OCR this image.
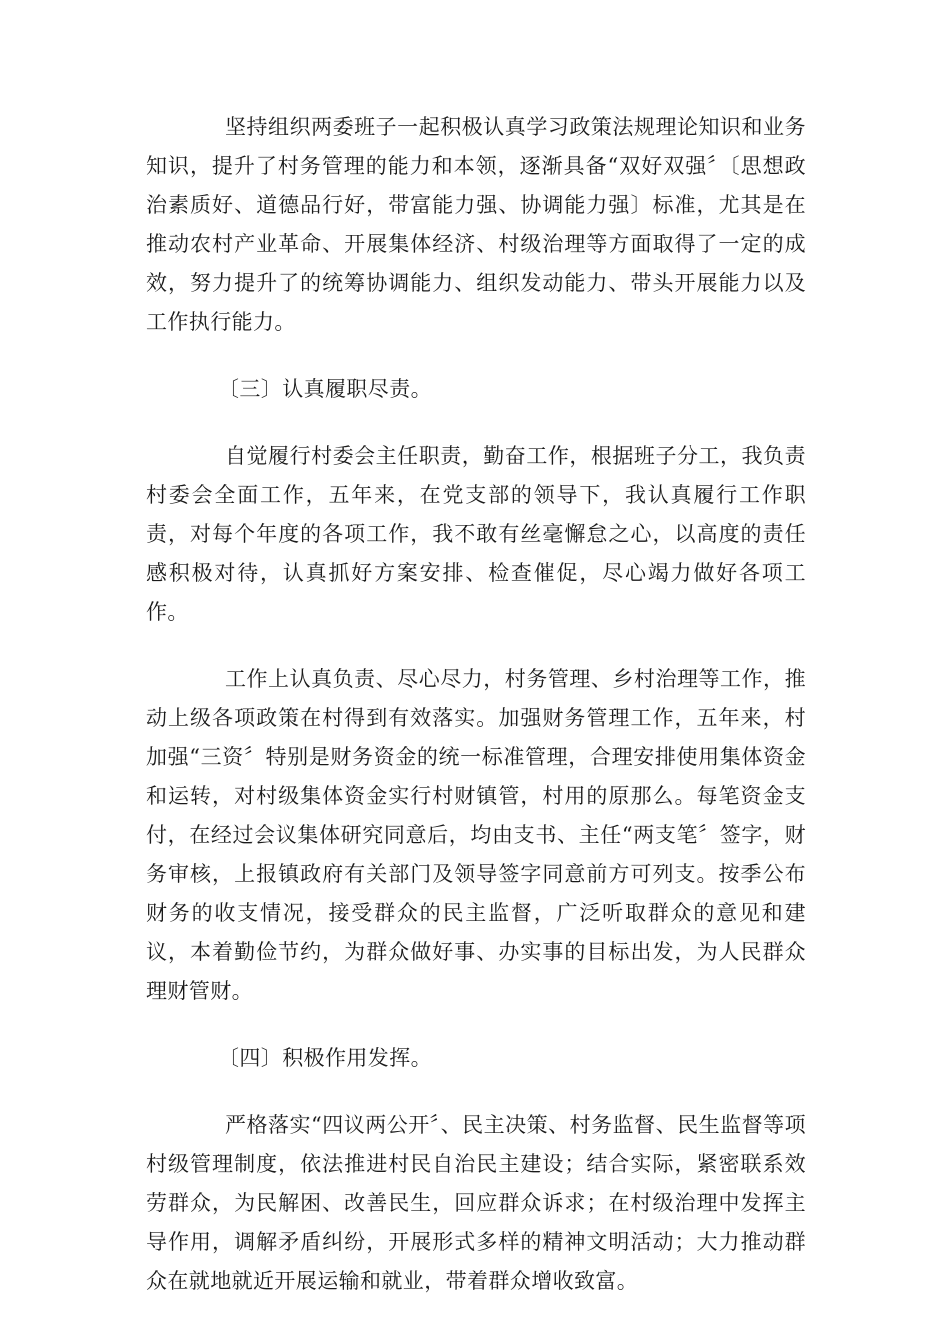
坚持组织两委班子一起积极认真学习政策法规理论知识和业务知识，提升了村务管理的能力和本领，逐渐具备“双好双强〞〔思想政治素质好、道德品行好，带富能力强、协调能力强〕标准，尤其是在推动农村产业革命、开展集体经济、村级治理等方面取得了一定的成效，努力提升了的统筹协调能力、组织发动能力、带头开展能力以及工作执行能力。

〔三〕认真履职尽责。

自觉履行村委会主任职责，勤奋工作，根据班子分工，我负责村委会全面工作，五年来，在党支部的领导下，我认真履行工作职责，对每个年度的各项工作，我不敢有丝毫懈怠之心，以高度的责任感积极对待，认真抓好方案安排、检查催促，尽心竭力做好各项工作。

工作上认真负责、尽心尽力，村务管理、乡村治理等工作，推动上级各项政策在村得到有效落实。加强财务管理工作，五年来，村加强“三资〞特别是财务资金的统一标准管理，合理安排使用集体资金和运转，对村级集体资金实行村财镇管，村用的原那么。每笔资金支付，在经过会议集体研究同意后，均由支书、主任“两支笔〞签字，财务审核，上报镇政府有关部门及领导签字同意前方可列支。按季公布财务的收支情况，接受群众的民主监督，广泛听取群众的意见和建议，本着勤俭节约，为群众做好事、办实事的目标出发，为人民群众理财管财。

〔四〕积极作用发挥。

严格落实“四议两公开〞、民主决策、村务监督、民生监督等项村级管理制度，依法推进村民自治民主建设；结合实际，紧密联系效劳群众，为民解困、改善民生，回应群众诉求；在村级治理中发挥主导作用，调解矛盾纠纷，开展形式多样的精神文明活动；大力推动群众在就地就近开展运输和就业，带着群众增收致富。
